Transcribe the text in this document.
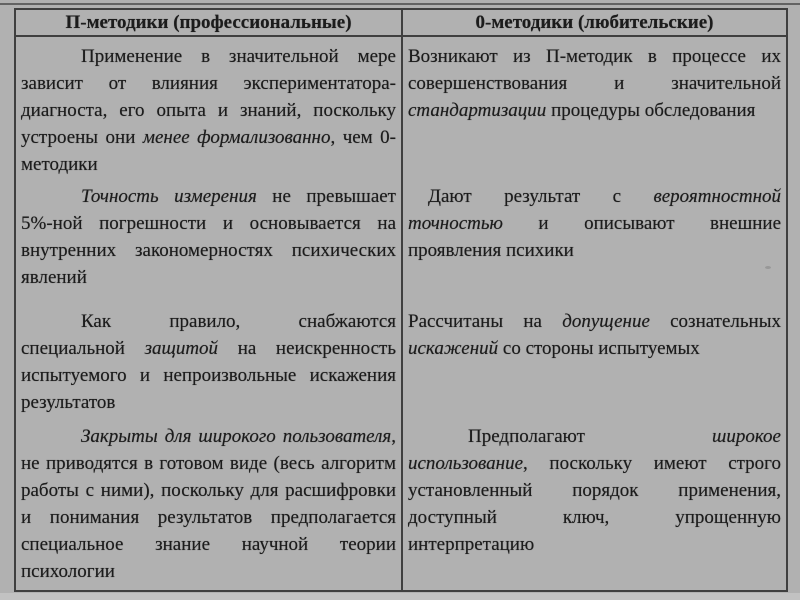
П-методики (профессиональные)	0-методики (любительские)

Применение в значительной мере зависит от влияния экспериментатора-диагноста, его опыта и знаний, поскольку устроены они менее формализованно, чем 0-методики

Возникают из П-методик в процессе их совершенствования и значительной стандартизации процедуры обследования

Точность измерения не превышает 5%-ной погрешности и основывается на внутренних закономерностях психических явлений

Дают результат с вероятностной точностью и описывают внешние проявления психики

Как правило, снабжаются специальной защитой на неискренность испытуемого и непроизвольные искажения результатов

Рассчитаны на допущение сознательных искажений со стороны испытуемых

Закрыты для широкого пользователя, не приводятся в готовом виде (весь алгоритм работы с ними), поскольку для расшифровки и понимания результатов предполагается специальное знание научной теории психологии

Предполагают широкое использование, поскольку имеют строго установленный порядок применения, доступный ключ, упрощенную интерпретацию
